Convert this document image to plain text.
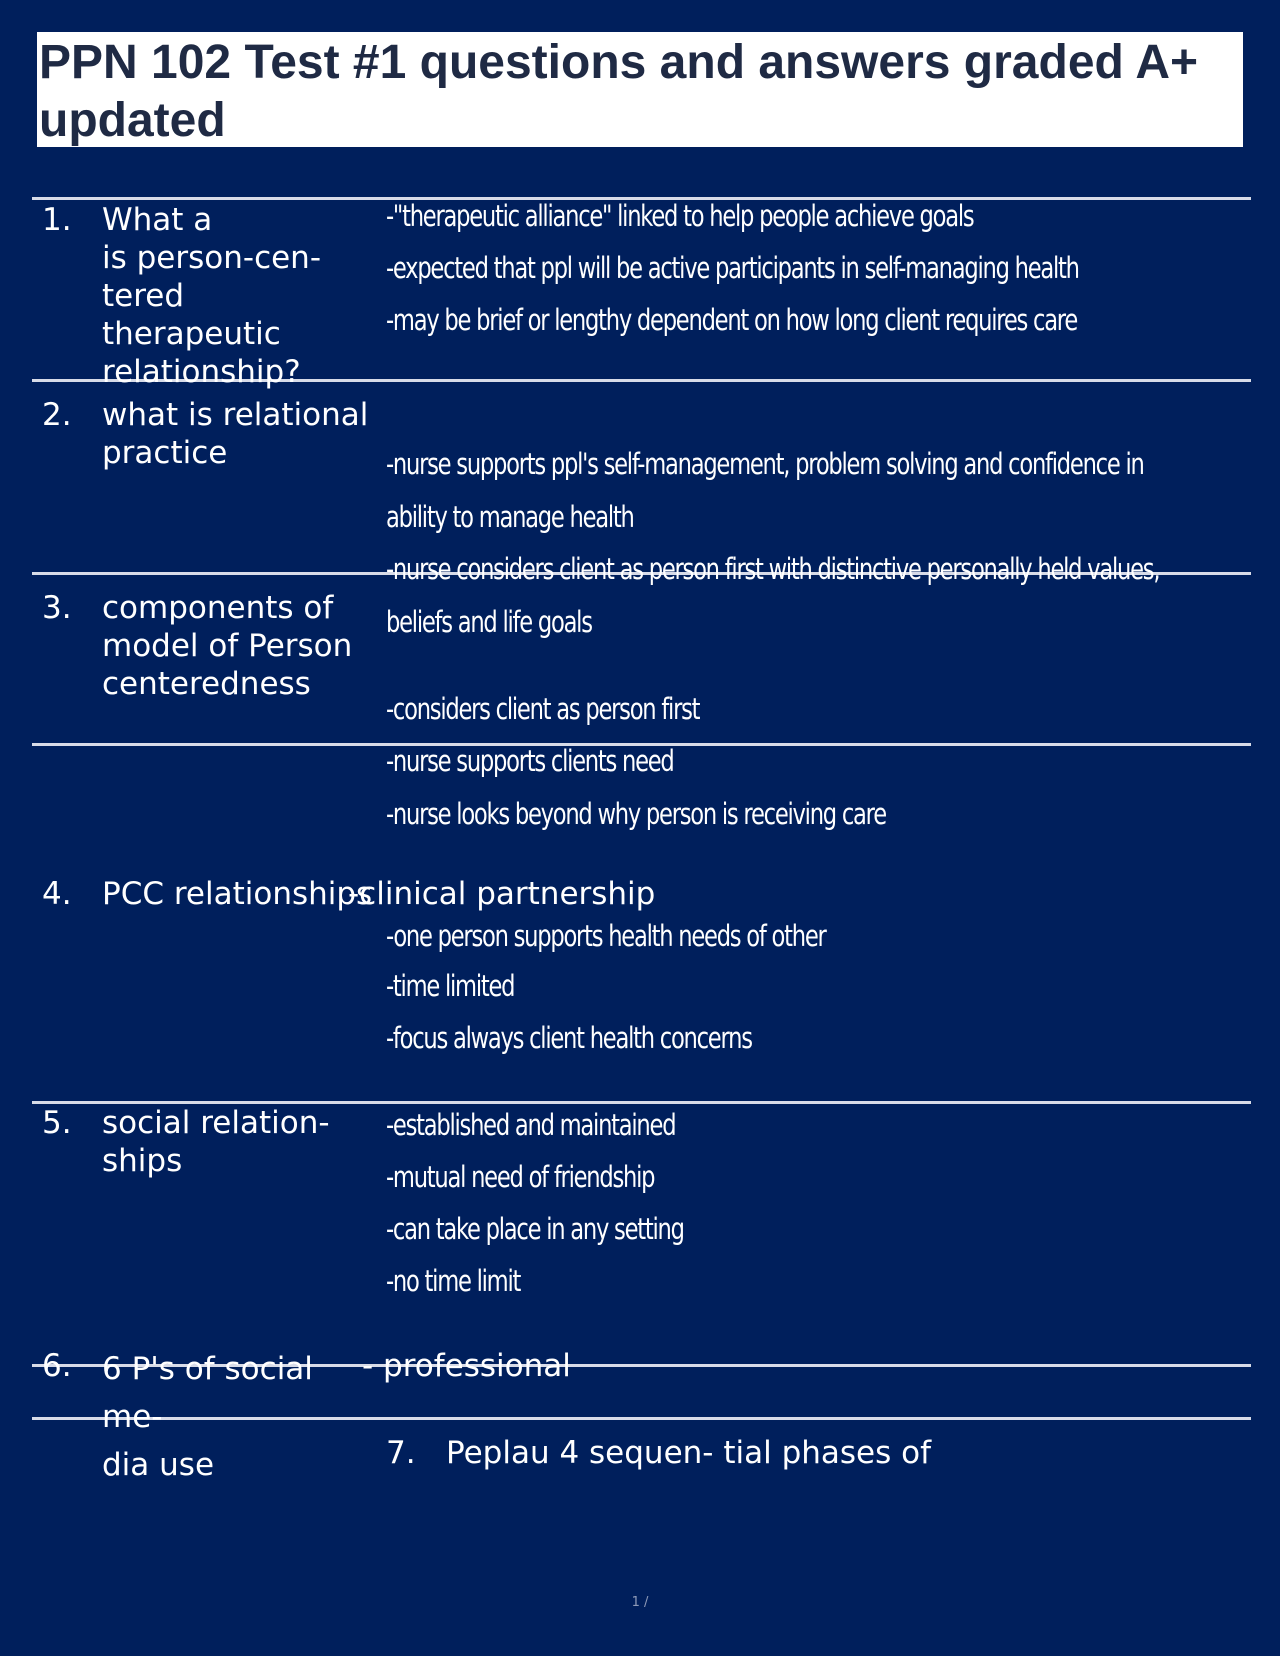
PPN 102 Test #1 questions and answers graded A+ updated
1. What a
is person-cen-
tered therapeutic
relationship?
-"therapeutic alliance" linked to help people achieve goals
-expected that ppl will be active participants in self-managing health
-may be brief or lengthy dependent on how long client requires care
2. what is relational
practice	-nurse supports ppl's self-management, problem solving and confidence in
ability to manage health
-nurse considers client as person first with distinctive personally held values,
beliefs and life goals
3. components of
model of Person
centeredness
-considers client as person first
-nurse supports clients need
-nurse looks beyond why person is receiving care
4. PCC relationships
-clinical partnership
-one person supports health needs of other
-time limited
-focus always client health concerns
5. social relation-
ships
-established and maintained
-mutual need of friendship
-can take place in any setting
-no time limit
6. 6 P's of social me-
dia use
- professional
7. Peplau 4 sequen- tial phases of
1 /
